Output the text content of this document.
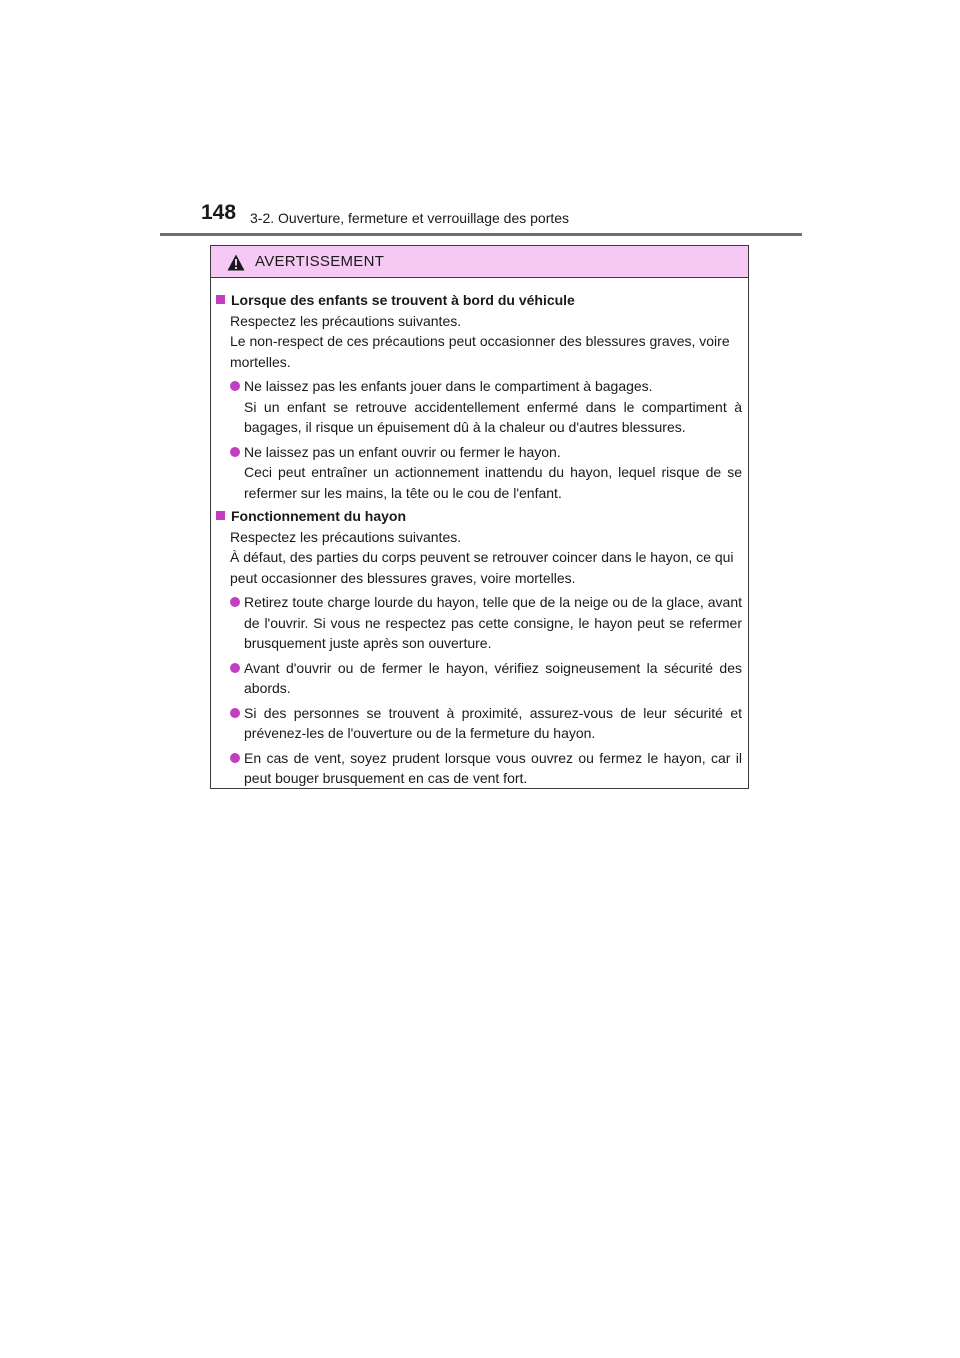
148 3-2. Ouverture, fermeture et verrouillage des portes
AVERTISSEMENT
Lorsque des enfants se trouvent à bord du véhicule
Respectez les précautions suivantes.
Le non-respect de ces précautions peut occasionner des blessures graves, voire mortelles.
Ne laissez pas les enfants jouer dans le compartiment à bagages.
Si un enfant se retrouve accidentellement enfermé dans le compartiment à bagages, il risque un épuisement dû à la chaleur ou d'autres blessures.
Ne laissez pas un enfant ouvrir ou fermer le hayon.
Ceci peut entraîner un actionnement inattendu du hayon, lequel risque de se refermer sur les mains, la tête ou le cou de l'enfant.
Fonctionnement du hayon
Respectez les précautions suivantes.
À défaut, des parties du corps peuvent se retrouver coincer dans le hayon, ce qui peut occasionner des blessures graves, voire mortelles.
Retirez toute charge lourde du hayon, telle que de la neige ou de la glace, avant de l'ouvrir. Si vous ne respectez pas cette consigne, le hayon peut se refermer brusquement juste après son ouverture.
Avant d'ouvrir ou de fermer le hayon, vérifiez soigneusement la sécurité des abords.
Si des personnes se trouvent à proximité, assurez-vous de leur sécurité et prévenez-les de l'ouverture ou de la fermeture du hayon.
En cas de vent, soyez prudent lorsque vous ouvrez ou fermez le hayon, car il peut bouger brusquement en cas de vent fort.
